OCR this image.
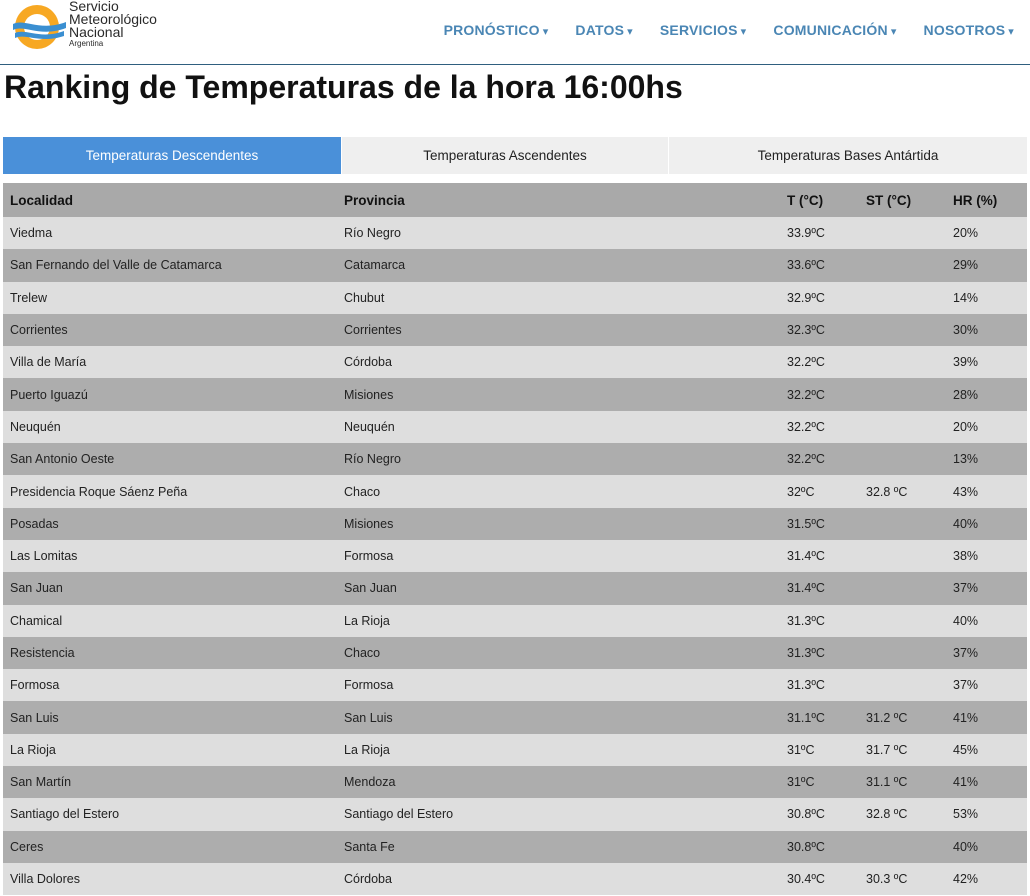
Servicio
Meteorológico
Nacional
Argentina
PRONÓSTICO ▾ DATOS ▾ SERVICIOS ▾ COMUNICACIÓN ▾ NOSOTROS ▾
Ranking de Temperaturas de la hora 16:00hs
Temperaturas Descendentes	Temperaturas Ascendentes	Temperaturas Bases Antártida
Localidad	Provincia	T (°C)	ST (°C)	HR (%)
Viedma	Río Negro	33.9ºC		20%
San Fernando del Valle de Catamarca	Catamarca	33.6ºC		29%
Trelew	Chubut	32.9ºC		14%
Corrientes	Corrientes	32.3ºC		30%
Villa de María	Córdoba	32.2ºC		39%
Puerto Iguazú	Misiones	32.2ºC		28%
Neuquén	Neuquén	32.2ºC		20%
San Antonio Oeste	Río Negro	32.2ºC		13%
Presidencia Roque Sáenz Peña	Chaco	32ºC	32.8 ºC	43%
Posadas	Misiones	31.5ºC		40%
Las Lomitas	Formosa	31.4ºC		38%
San Juan	San Juan	31.4ºC		37%
Chamical	La Rioja	31.3ºC		40%
Resistencia	Chaco	31.3ºC		37%
Formosa	Formosa	31.3ºC		37%
San Luis	San Luis	31.1ºC	31.2 ºC	41%
La Rioja	La Rioja	31ºC	31.7 ºC	45%
San Martín	Mendoza	31ºC	31.1 ºC	41%
Santiago del Estero	Santiago del Estero	30.8ºC	32.8 ºC	53%
Ceres	Santa Fe	30.8ºC		40%
Villa Dolores	Córdoba	30.4ºC	30.3 ºC	42%
